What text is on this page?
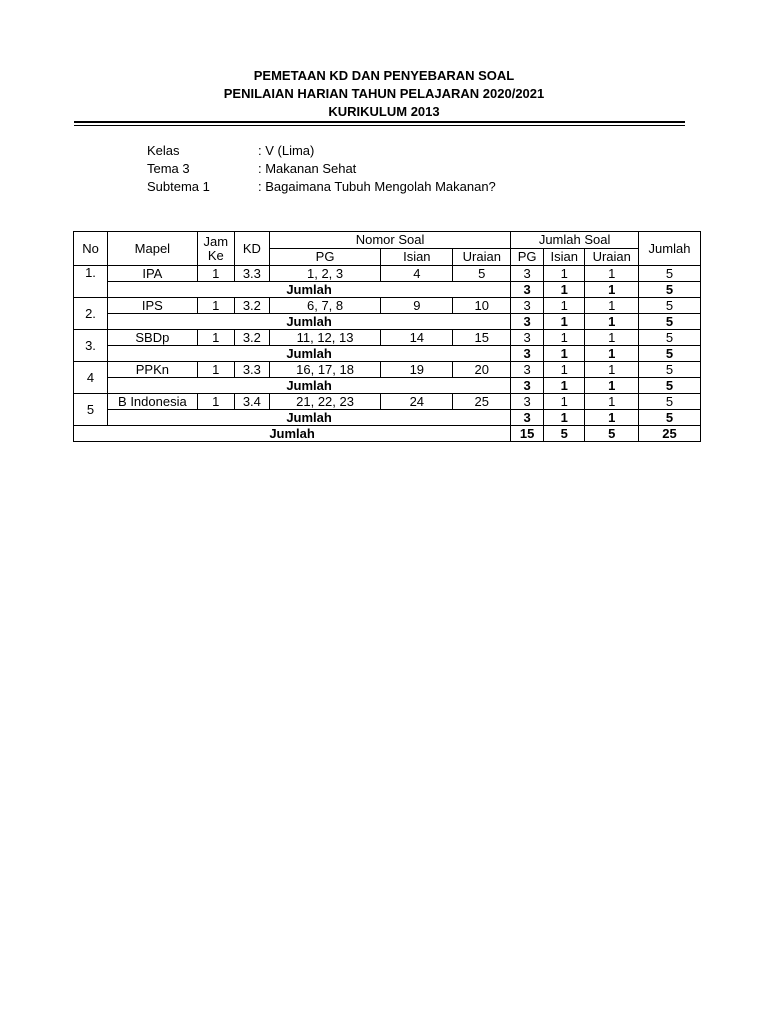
PEMETAAN KD DAN PENYEBARAN SOAL
PENILAIAN HARIAN TAHUN PELAJARAN 2020/2021
KURIKULUM 2013
Kelas	: V (Lima)
Tema 3	: Makanan Sehat
Subtema 1	: Bagaimana Tubuh Mengolah Makanan?
No	Mapel	Jam Ke	KD	Nomor Soal			Jumlah Soal			Jumlah
				PG	Isian	Uraian	PG	Isian	Uraian	
1.	IPA	1	3.3	1, 2, 3	4	5	3	1	1	5
	Jumlah						3	1	1	5
2.	IPS	1	3.2	6, 7, 8	9	10	3	1	1	5
	Jumlah						3	1	1	5
3.	SBDp	1	3.2	11, 12, 13	14	15	3	1	1	5
	Jumlah						3	1	1	5
4	PPKn	1	3.3	16, 17, 18	19	20	3	1	1	5
	Jumlah						3	1	1	5
5	B Indonesia	1	3.4	21, 22, 23	24	25	3	1	1	5
	Jumlah						3	1	1	5
Jumlah							15	5	5	25
